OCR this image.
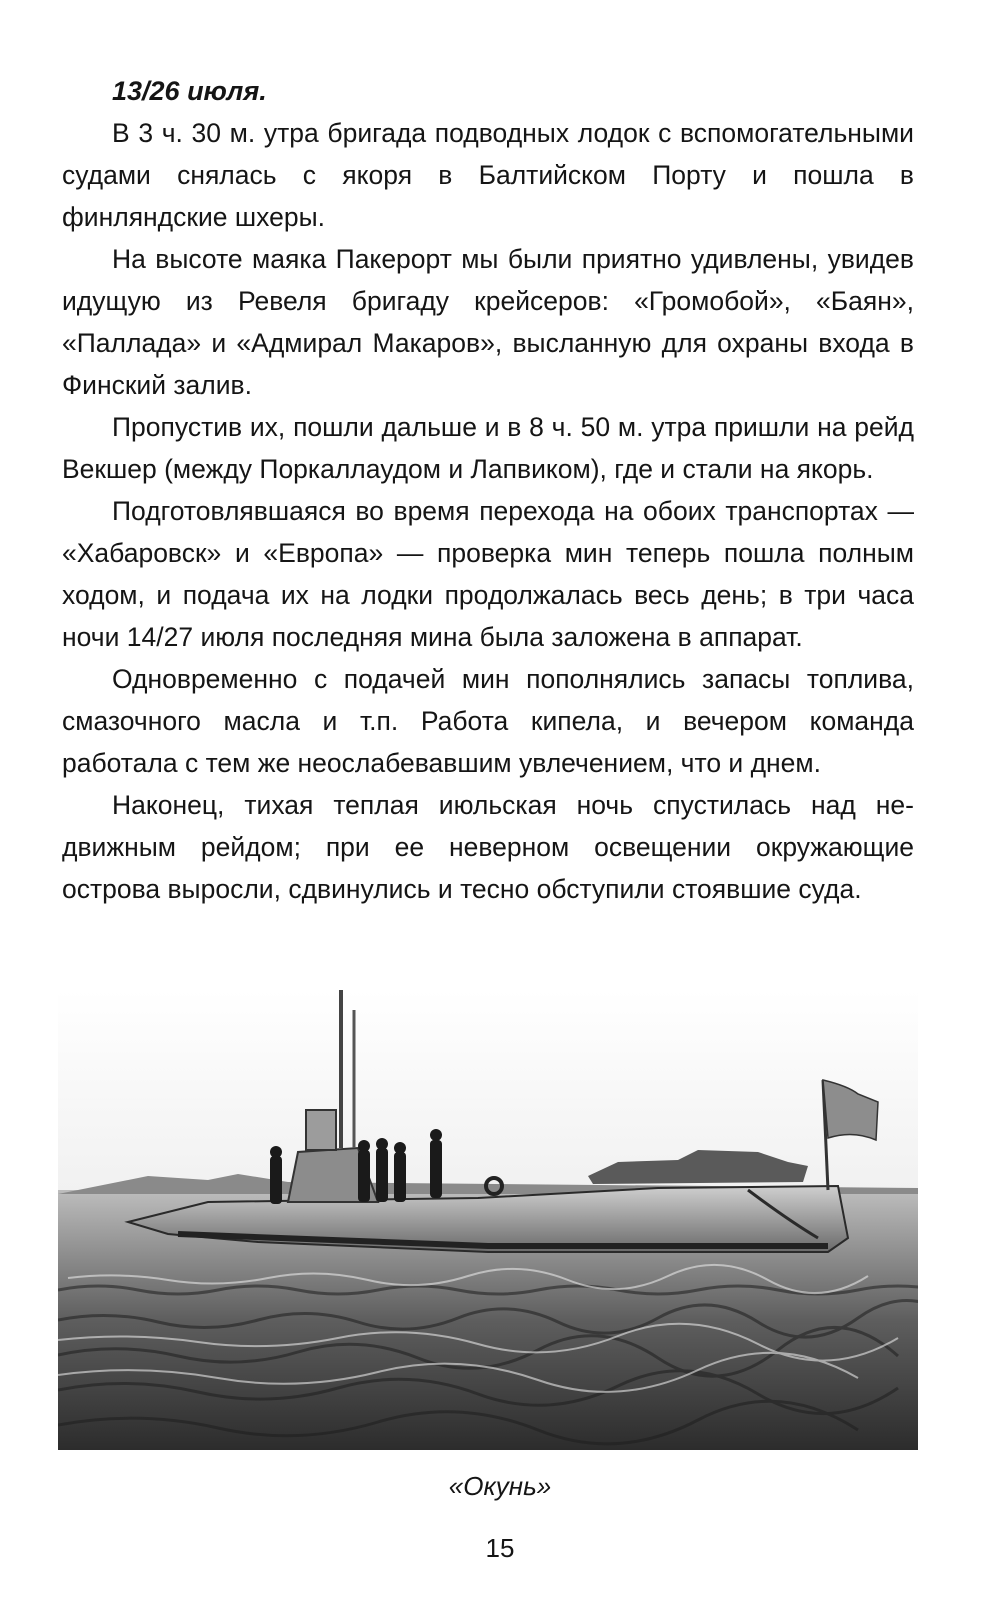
13/26 июля.

В 3 ч. 30 м. утра бригада подводных лодок с вспомогательными судами снялась с якоря в Балтийском Порту и пошла в финляндские шхеры.

На высоте маяка Пакерорт мы были приятно удивлены, увидев идущую из Ревеля бригаду крейсеров: «Громобой», «Баян», «Паллада» и «Адмирал Макаров», высланную для охраны входа в Финский залив.

Пропустив их, пошли дальше и в 8 ч. 50 м. утра пришли на рейд Векшер (между Поркаллаудом и Лапвиком), где и стали на якорь.

Подготовлявшаяся во время перехода на обоих транспортах — «Хабаровск» и «Европа» — проверка мин теперь пошла полным ходом, и подача их на лодки продолжалась весь день; в три часа ночи 14/27 июля последняя мина была заложена в аппарат.

Одновременно с подачей мин пополнялись запасы топлива, смазочного масла и т.п. Работа кипела, и вечером команда работала с тем же неослабевавшим увлечением, что и днем.

Наконец, тихая теплая июльская ночь спустилась над недвижным рейдом; при ее неверном освещении окружающие острова выросли, сдвинулись и тесно обступили стоявшие суда.

«Окунь»
15
